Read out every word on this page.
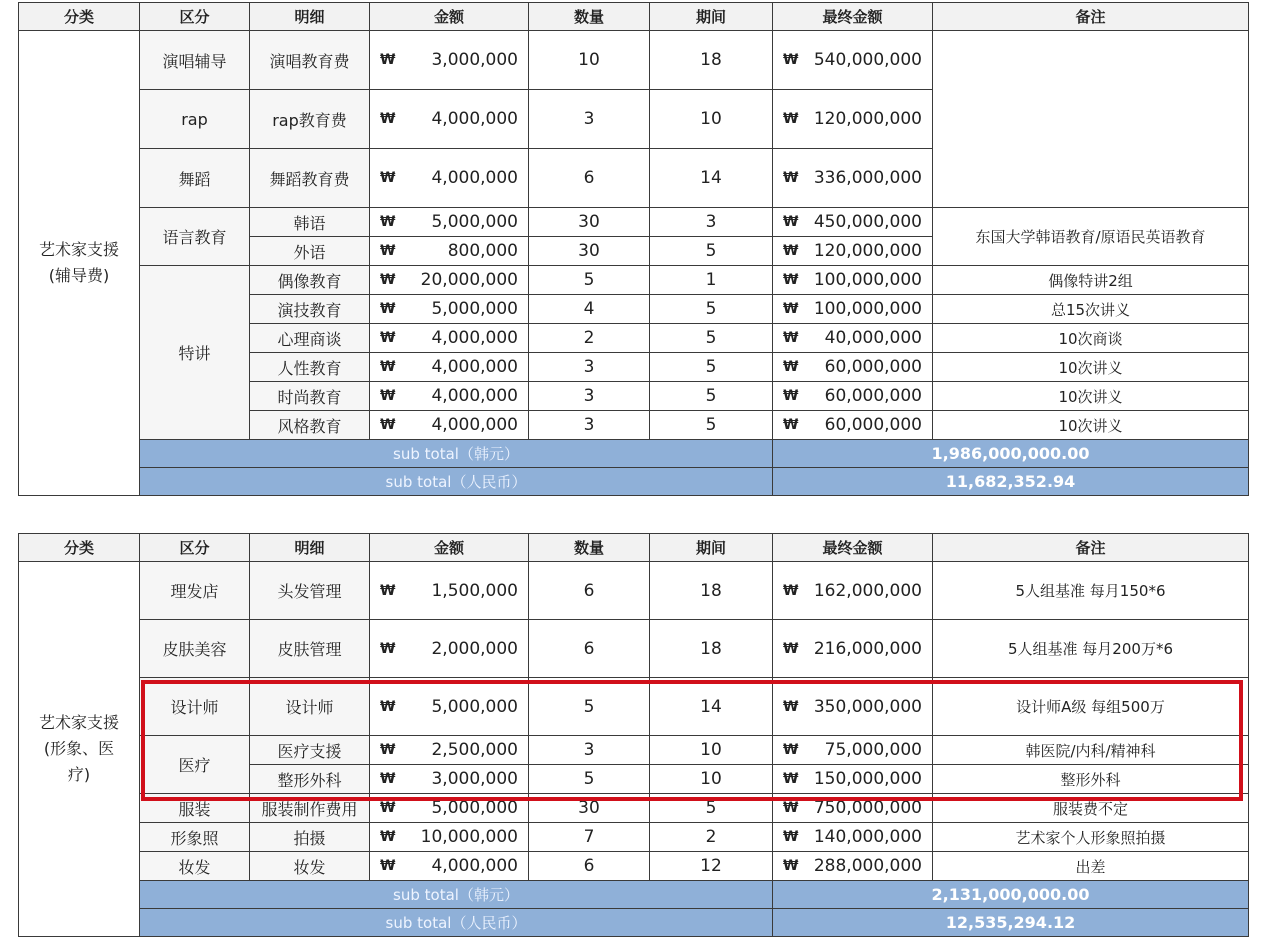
分类	区分	明细	金额	数量	期间	最终金额	备注
艺术家支援
(辅导费)	演唱辅导	演唱教育费	₩ 3,000,000	10	18	₩ 540,000,000	

	rap	rap教育费	₩ 4,000,000	3	10	₩ 120,000,000	

	舞蹈	舞蹈教育费	₩ 4,000,000	6	14	₩ 336,000,000	

	语言教育	韩语	₩ 5,000,000	30	3	₩ 450,000,000	东国大学韩语教育/原语民英语教育
		外语	₩ 800,000	30	5	₩ 120,000,000	

	特讲	偶像教育	₩ 20,000,000	5	1	₩ 100,000,000	偶像特讲2组
		演技教育	₩ 5,000,000	4	5	₩ 100,000,000	总15次讲义
		心理商谈	₩ 4,000,000	2	5	₩ 40,000,000	10次商谈
		人性教育	₩ 4,000,000	3	5	₩ 60,000,000	10次讲义
		时尚教育	₩ 4,000,000	3	5	₩ 60,000,000	10次讲义
		风格教育	₩ 4,000,000	3	5	₩ 60,000,000	10次讲义
	sub total（韩元）					1,986,000,000.00	
	sub total（人民币）					11,682,352.94	
分类	区分	明细	金额	数量	期间	最终金额	备注
艺术家支援
(形象、医
疗)	理发店	头发管理	₩ 1,500,000	6	18	₩ 162,000,000	5人组基准 每月150*6
	皮肤美容	皮肤管理	₩ 2,000,000	6	18	₩ 216,000,000	5人组基准 每月200万*6
	设计师	设计师	₩ 5,000,000	5	14	₩ 350,000,000	设计师A级 每组500万
	医疗	医疗支援	₩ 2,500,000	3	10	₩ 75,000,000	韩医院/内科/精神科
		整形外科	₩ 3,000,000	5	10	₩ 150,000,000	整形外科
	服装	服装制作费用	₩ 5,000,000	30	5	₩ 750,000,000	服装费不定
	形象照	拍摄	₩ 10,000,000	7	2	₩ 140,000,000	艺术家个人形象照拍摄
	妆发	妆发	₩ 4,000,000	6	12	₩ 288,000,000	出差
	sub total（韩元）					2,131,000,000.00	
	sub total（人民币）					12,535,294.12	
